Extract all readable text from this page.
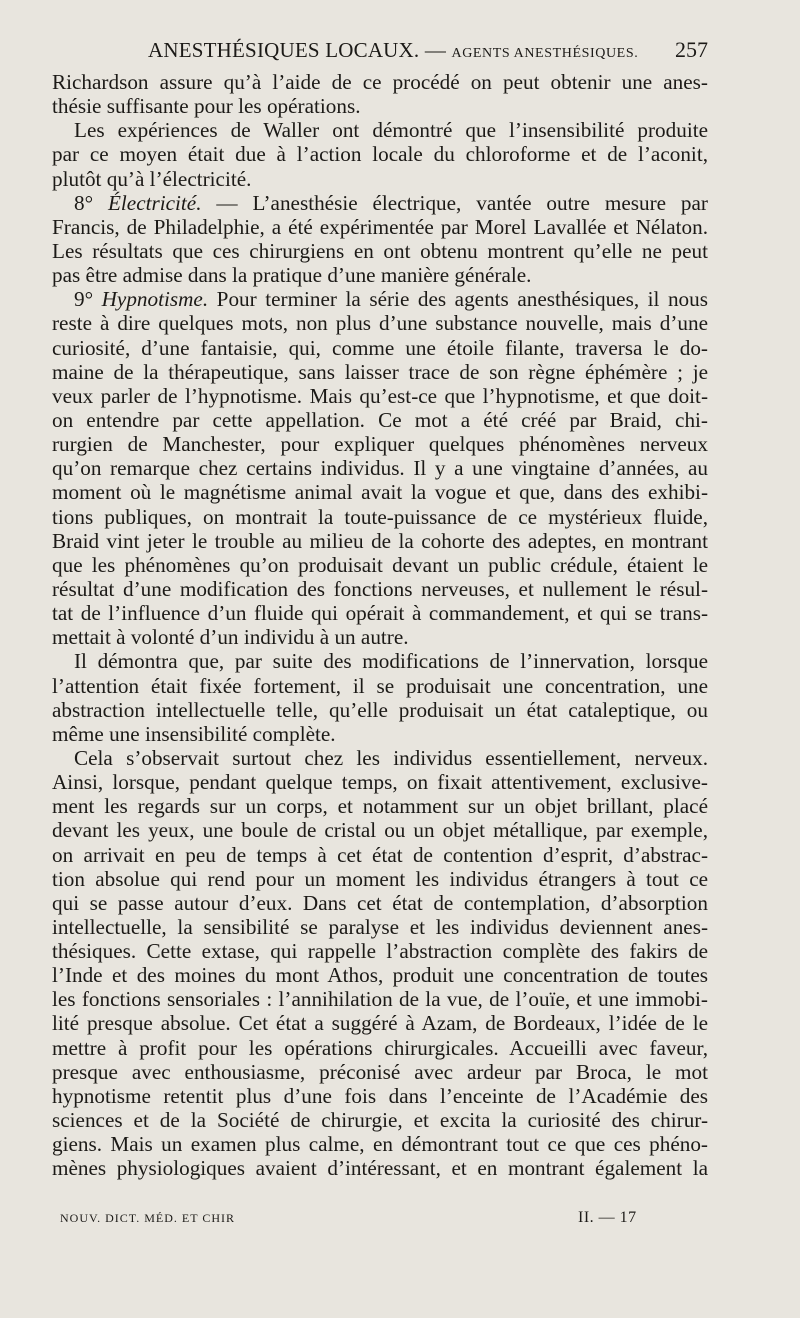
ANESTHÉSIQUES LOCAUX. — AGENTS ANESTHÉSIQUES. 257
Richardson assure qu’à l’aide de ce procédé on peut obtenir une anes-
thésie suffisante pour les opérations.
Les expériences de Waller ont démontré que l’insensibilité produite
par ce moyen était due à l’action locale du chloroforme et de l’aconit,
plutôt qu’à l’électricité.
8° Électricité. — L’anesthésie électrique, vantée outre mesure par
Francis, de Philadelphie, a été expérimentée par Morel Lavallée et Nélaton.
Les résultats que ces chirurgiens en ont obtenu montrent qu’elle ne peut
pas être admise dans la pratique d’une manière générale.
9° Hypnotisme. Pour terminer la série des agents anesthésiques, il nous
reste à dire quelques mots, non plus d’une substance nouvelle, mais d’une
curiosité, d’une fantaisie, qui, comme une étoile filante, traversa le do-
maine de la thérapeutique, sans laisser trace de son règne éphémère ; je
veux parler de l’hypnotisme. Mais qu’est-ce que l’hypnotisme, et que doit-
on entendre par cette appellation. Ce mot a été créé par Braid, chi-
rurgien de Manchester, pour expliquer quelques phénomènes nerveux
qu’on remarque chez certains individus. Il y a une vingtaine d’années, au
moment où le magnétisme animal avait la vogue et que, dans des exhibi-
tions publiques, on montrait la toute-puissance de ce mystérieux fluide,
Braid vint jeter le trouble au milieu de la cohorte des adeptes, en montrant
que les phénomènes qu’on produisait devant un public crédule, étaient le
résultat d’une modification des fonctions nerveuses, et nullement le résul-
tat de l’influence d’un fluide qui opérait à commandement, et qui se trans-
mettait à volonté d’un individu à un autre.
Il démontra que, par suite des modifications de l’innervation, lorsque
l’attention était fixée fortement, il se produisait une concentration, une
abstraction intellectuelle telle, qu’elle produisait un état cataleptique, ou
même une insensibilité complète.
Cela s’observait surtout chez les individus essentiellement, nerveux.
Ainsi, lorsque, pendant quelque temps, on fixait attentivement, exclusive-
ment les regards sur un corps, et notamment sur un objet brillant, placé
devant les yeux, une boule de cristal ou un objet métallique, par exemple,
on arrivait en peu de temps à cet état de contention d’esprit, d’abstrac-
tion absolue qui rend pour un moment les individus étrangers à tout ce
qui se passe autour d’eux. Dans cet état de contemplation, d’absorption
intellectuelle, la sensibilité se paralyse et les individus deviennent anes-
thésiques. Cette extase, qui rappelle l’abstraction complète des fakirs de
l’Inde et des moines du mont Athos, produit une concentration de toutes
les fonctions sensoriales : l’annihilation de la vue, de l’ouïe, et une immobi-
lité presque absolue. Cet état a suggéré à Azam, de Bordeaux, l’idée de le
mettre à profit pour les opérations chirurgicales. Accueilli avec faveur,
presque avec enthousiasme, préconisé avec ardeur par Broca, le mot
hypnotisme retentit plus d’une fois dans l’enceinte de l’Académie des
sciences et de la Société de chirurgie, et excita la curiosité des chirur-
giens. Mais un examen plus calme, en démontrant tout ce que ces phéno-
mènes physiologiques avaient d’intéressant, et en montrant également la
NOUV. DICT. MÉD. ET CHIR	II. — 17
